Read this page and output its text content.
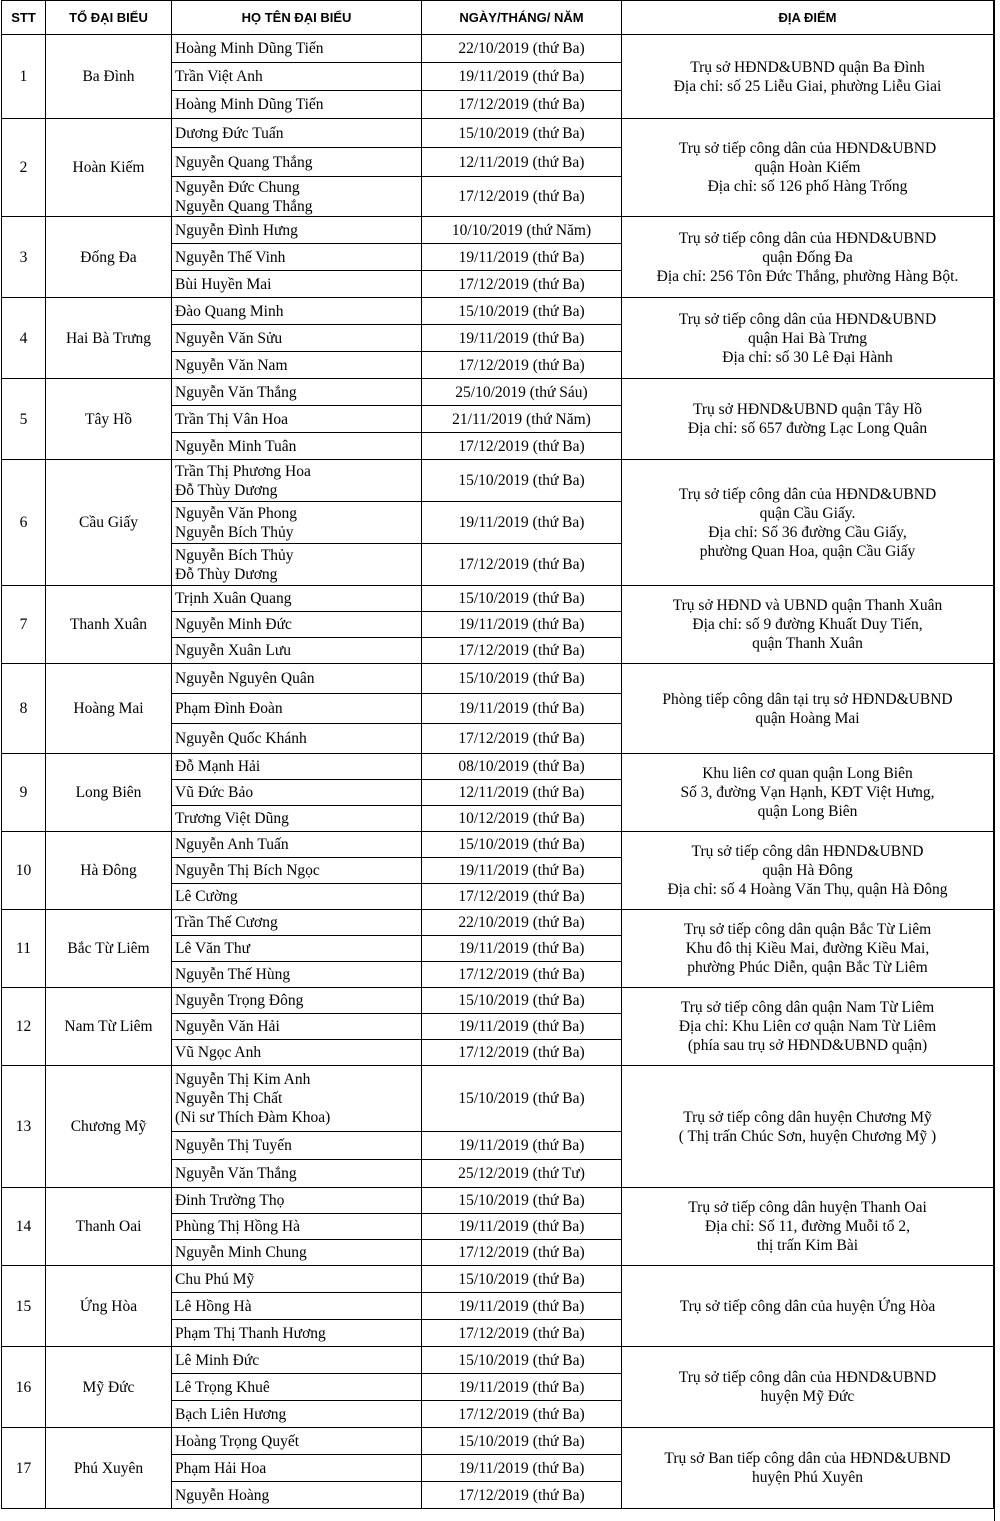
STT	TỔ ĐẠI BIỂU	HỌ TÊN ĐẠI BIỂU	NGÀY/THÁNG/ NĂM	ĐỊA ĐIỂM
1	Ba Đình	Hoàng Minh Dũng Tiến	22/10/2019 (thứ Ba)	Trụ sở HĐND&UBND quận Ba Đình
Địa chỉ: số 25 Liễu Giai, phường Liễu Giai

		Trần Việt Anh	19/11/2019 (thứ Ba)	

		Hoàng Minh Dũng Tiến	17/12/2019 (thứ Ba)	
2	Hoàn Kiếm	Dương Đức Tuấn	15/10/2019 (thứ Ba)	Trụ sở tiếp công dân của HĐND&UBND
quận Hoàn Kiếm
Địa chỉ: số 126 phố Hàng Trống

		Nguyễn Quang Thắng	12/11/2019 (thứ Ba)	

		Nguyễn Đức Chung
Nguyễn Quang Thắng	17/12/2019 (thứ Ba)	
3	Đống Đa	Nguyễn Đình Hưng	10/10/2019 (thứ Năm)	Trụ sở tiếp công dân của HĐND&UBND
quận Đống Đa
Địa chỉ: 256 Tôn Đức Thắng, phường Hàng Bột.

		Nguyễn Thế Vinh	19/11/2019 (thứ Ba)	

		Bùi Huyền Mai	17/12/2019 (thứ Ba)	
4	Hai Bà Trưng	Đào Quang Minh	15/10/2019 (thứ Ba)	Trụ sở tiếp công dân của HĐND&UBND
quận Hai Bà Trưng
Địa chỉ: số 30 Lê Đại Hành

		Nguyễn Văn Sửu	19/11/2019 (thứ Ba)	

		Nguyễn Văn Nam	17/12/2019 (thứ Ba)	
5	Tây Hồ	Nguyễn Văn Thắng	25/10/2019 (thứ Sáu)	Trụ sở HĐND&UBND quận Tây Hồ
Địa chỉ: số 657 đường Lạc Long Quân

		Trần Thị Vân Hoa	21/11/2019 (thứ Năm)	

		Nguyễn Minh Tuân	17/12/2019 (thứ Ba)	
6	Cầu Giấy	Trần Thị Phương Hoa
Đỗ Thùy Dương	15/10/2019 (thứ Ba)	Trụ sở tiếp công dân của HĐND&UBND
quận Cầu Giấy.
Địa chỉ: Số 36 đường Cầu Giấy,
phường Quan Hoa, quận Cầu Giấy

		Nguyễn Văn Phong
Nguyễn Bích Thủy	19/11/2019 (thứ Ba)	

		Nguyễn Bích Thủy
Đỗ Thùy Dương	17/12/2019 (thứ Ba)	
7	Thanh Xuân	Trịnh Xuân Quang	15/10/2019 (thứ Ba)	Trụ sở HĐND và UBND quận Thanh Xuân
Địa chỉ: số 9 đường Khuất Duy Tiến,
quận Thanh Xuân

		Nguyễn Minh Đức	19/11/2019 (thứ Ba)	

		Nguyễn Xuân Lưu	17/12/2019 (thứ Ba)	
8	Hoàng Mai	Nguyễn Nguyên Quân	15/10/2019 (thứ Ba)	Phòng tiếp công dân tại trụ sở HĐND&UBND
quận Hoàng Mai

		Phạm Đình Đoàn	19/11/2019 (thứ Ba)	

		Nguyễn Quốc Khánh	17/12/2019 (thứ Ba)	
9	Long Biên	Đỗ Mạnh Hải	08/10/2019 (thứ Ba)	Khu liên cơ quan quận Long Biên
Số 3, đường Vạn Hạnh, KĐT Việt Hưng,
quận Long Biên

		Vũ Đức Bảo	12/11/2019 (thứ Ba)	

		Trương Việt Dũng	10/12/2019 (thứ Ba)	
10	Hà Đông	Nguyễn Anh Tuấn	15/10/2019 (thứ Ba)	Trụ sở tiếp công dân HĐND&UBND
quận Hà Đông
Địa chỉ: số 4 Hoàng Văn Thụ, quận Hà Đông

		Nguyễn Thị Bích Ngọc	19/11/2019 (thứ Ba)	

		Lê Cường	17/12/2019 (thứ Ba)	
11	Bắc Từ Liêm	Trần Thế Cương	22/10/2019 (thứ Ba)	Trụ sở tiếp công dân quận Bắc Từ Liêm
Khu đô thị Kiều Mai, đường Kiều Mai,
phường Phúc Diễn, quận Bắc Từ Liêm

		Lê Văn Thư	19/11/2019 (thứ Ba)	

		Nguyễn Thế Hùng	17/12/2019 (thứ Ba)	
12	Nam Từ Liêm	Nguyễn Trọng Đông	15/10/2019 (thứ Ba)	Trụ sở tiếp công dân quận Nam Từ Liêm
Địa chỉ: Khu Liên cơ quận Nam Từ Liêm
(phía sau trụ sở HĐND&UBND quận)

		Nguyễn Văn Hải	19/11/2019 (thứ Ba)	

		Vũ Ngọc Anh	17/12/2019 (thứ Ba)	
13	Chương Mỹ	Nguyễn Thị Kim Anh
Nguyễn Thị Chất
(Ni sư Thích Đàm Khoa)	15/10/2019 (thứ Ba)	Trụ sở tiếp công dân huyện Chương Mỹ
( Thị trấn Chúc Sơn, huyện Chương Mỹ )

		Nguyễn Thị Tuyến	19/11/2019 (thứ Ba)	

		Nguyễn Văn Thắng	25/12/2019 (thứ Tư)	
14	Thanh Oai	Đinh Trường Thọ	15/10/2019 (thứ Ba)	Trụ sở tiếp công dân huyện Thanh Oai
Địa chỉ: Số 11, đường Muỗi tổ 2,
thị trấn Kim Bài

		Phùng Thị Hồng Hà	19/11/2019 (thứ Ba)	

		Nguyễn Minh Chung	17/12/2019 (thứ Ba)	
15	Ứng Hòa	Chu Phú Mỹ	15/10/2019 (thứ Ba)	Trụ sở tiếp công dân của huyện Ứng Hòa

		Lê Hồng Hà	19/11/2019 (thứ Ba)	

		Phạm Thị Thanh Hương	17/12/2019 (thứ Ba)	
16	Mỹ Đức	Lê Minh Đức	15/10/2019 (thứ Ba)	Trụ sở tiếp công dân của HĐND&UBND
huyện Mỹ Đức

		Lê Trọng Khuê	19/11/2019 (thứ Ba)	

		Bạch Liên Hương	17/12/2019 (thứ Ba)	
17	Phú Xuyên	Hoàng Trọng Quyết	15/10/2019 (thứ Ba)	Trụ sở Ban tiếp công dân của HĐND&UBND
huyện Phú Xuyên

		Phạm Hải Hoa	19/11/2019 (thứ Ba)	

		Nguyễn Hoàng	17/12/2019 (thứ Ba)	
